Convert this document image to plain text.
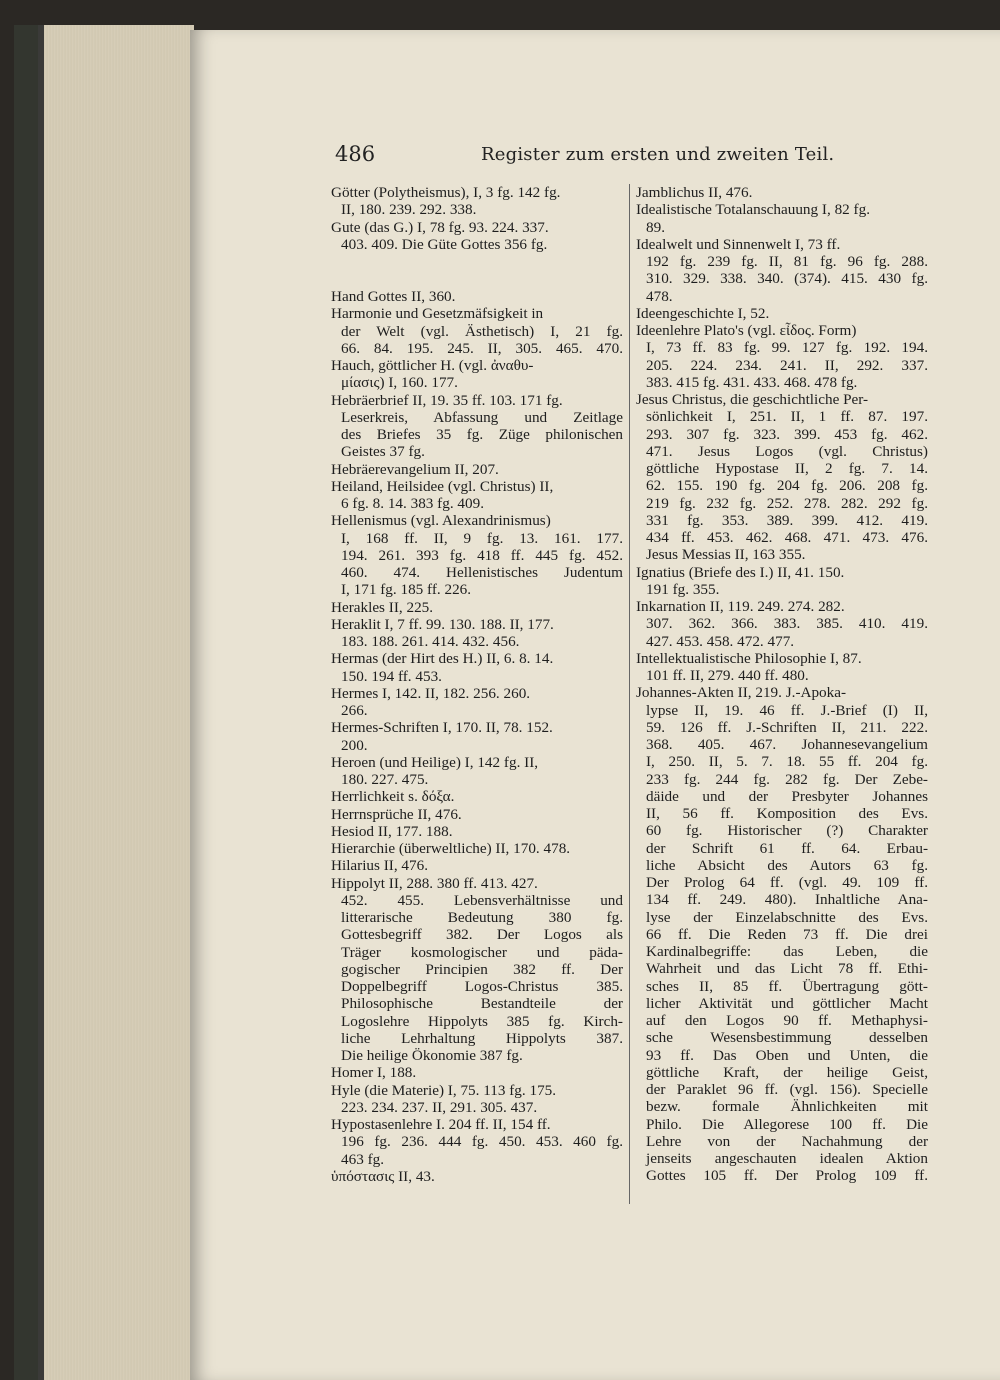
486	Register zum ersten und zweiten Teil.
Götter (Polytheismus), I, 3 fg. 142 fg.
II, 180. 239. 292. 338.
Gute (das G.) I, 78 fg. 93. 224. 337.
403. 409. Die Güte Gottes 356 fg.
Hand Gottes II, 360.
Harmonie und Gesetzmäfsigkeit in
der Welt (vgl. Ästhetisch) I, 21 fg.
66. 84. 195. 245. II, 305. 465. 470.
Hauch, göttlicher H. (vgl. ἀναθυ-
μίασις) I, 160. 177.
Hebräerbrief II, 19. 35 ff. 103. 171 fg.
Leserkreis, Abfassung und Zeitlage
des Briefes 35 fg. Züge philonischen
Geistes 37 fg.
Hebräerevangelium II, 207.
Heiland, Heilsidee (vgl. Christus) II,
6 fg. 8. 14. 383 fg. 409.
Hellenismus (vgl. Alexandrinismus)
I, 168 ff. II, 9 fg. 13. 161. 177.
194. 261. 393 fg. 418 ff. 445 fg. 452.
460. 474. Hellenistisches Judentum
I, 171 fg. 185 ff. 226.
Herakles II, 225.
Heraklit I, 7 ff. 99. 130. 188. II, 177.
183. 188. 261. 414. 432. 456.
Hermas (der Hirt des H.) II, 6. 8. 14.
150. 194 ff. 453.
Hermes I, 142. II, 182. 256. 260.
266.
Hermes-Schriften I, 170. II, 78. 152.
200.
Heroen (und Heilige) I, 142 fg. II,
180. 227. 475.
Herrlichkeit s. δόξα.
Herrnsprüche II, 476.
Hesiod II, 177. 188.
Hierarchie (überweltliche) II, 170. 478.
Hilarius II, 476.
Hippolyt II, 288. 380 ff. 413. 427.
452. 455. Lebensverhältnisse und
litterarische Bedeutung 380 fg.
Gottesbegriff 382. Der Logos als
Träger kosmologischer und päda-
gogischer Principien 382 ff. Der
Doppelbegriff Logos-Christus 385.
Philosophische Bestandteile der
Logoslehre Hippolyts 385 fg. Kirch-
liche Lehrhaltung Hippolyts 387.
Die heilige Ökonomie 387 fg.
Homer I, 188.
Hyle (die Materie) I, 75. 113 fg. 175.
223. 234. 237. II, 291. 305. 437.
Hypostasenlehre I. 204 ff. II, 154 ff.
196 fg. 236. 444 fg. 450. 453. 460 fg.
463 fg.
ὑπόστασις II, 43.
Jamblichus II, 476.
Idealistische Totalanschauung I, 82 fg.
89.
Idealwelt und Sinnenwelt I, 73 ff.
192 fg. 239 fg. II, 81 fg. 96 fg. 288.
310. 329. 338. 340. (374). 415. 430 fg.
478.
Ideengeschichte I, 52.
Ideenlehre Plato's (vgl. εἶδος. Form)
I, 73 ff. 83 fg. 99. 127 fg. 192. 194.
205. 224. 234. 241. II, 292. 337.
383. 415 fg. 431. 433. 468. 478 fg.
Jesus Christus, die geschichtliche Per-
sönlichkeit I, 251. II, 1 ff. 87. 197.
293. 307 fg. 323. 399. 453 fg. 462.
471. Jesus Logos (vgl. Christus)
göttliche Hypostase II, 2 fg. 7. 14.
62. 155. 190 fg. 204 fg. 206. 208 fg.
219 fg. 232 fg. 252. 278. 282. 292 fg.
331 fg. 353. 389. 399. 412. 419.
434 ff. 453. 462. 468. 471. 473. 476.
Jesus Messias II, 163 355.
Ignatius (Briefe des I.) II, 41. 150.
191 fg. 355.
Inkarnation II, 119. 249. 274. 282.
307. 362. 366. 383. 385. 410. 419.
427. 453. 458. 472. 477.
Intellektualistische Philosophie I, 87.
101 ff. II, 279. 440 ff. 480.
Johannes-Akten II, 219. J.-Apoka-
lypse II, 19. 46 ff. J.-Brief (I) II,
59. 126 ff. J.-Schriften II, 211. 222.
368. 405. 467. Johannesevangelium
I, 250. II, 5. 7. 18. 55 ff. 204 fg.
233 fg. 244 fg. 282 fg. Der Zebe-
däide und der Presbyter Johannes
II, 56 ff. Komposition des Evs.
60 fg. Historischer (?) Charakter
der Schrift 61 ff. 64. Erbau-
liche Absicht des Autors 63 fg.
Der Prolog 64 ff. (vgl. 49. 109 ff.
134 ff. 249. 480). Inhaltliche Ana-
lyse der Einzelabschnitte des Evs.
66 ff. Die Reden 73 ff. Die drei
Kardinalbegriffe: das Leben, die
Wahrheit und das Licht 78 ff. Ethi-
sches II, 85 ff. Übertragung gött-
licher Aktivität und göttlicher Macht
auf den Logos 90 ff. Methaphysi-
sche Wesensbestimmung desselben
93 ff. Das Oben und Unten, die
göttliche Kraft, der heilige Geist,
der Paraklet 96 ff. (vgl. 156). Specielle
bezw. formale Ähnlichkeiten mit
Philo. Die Allegorese 100 ff. Die
Lehre von der Nachahmung der
jenseits angeschauten idealen Aktion
Gottes 105 ff. Der Prolog 109 ff.
